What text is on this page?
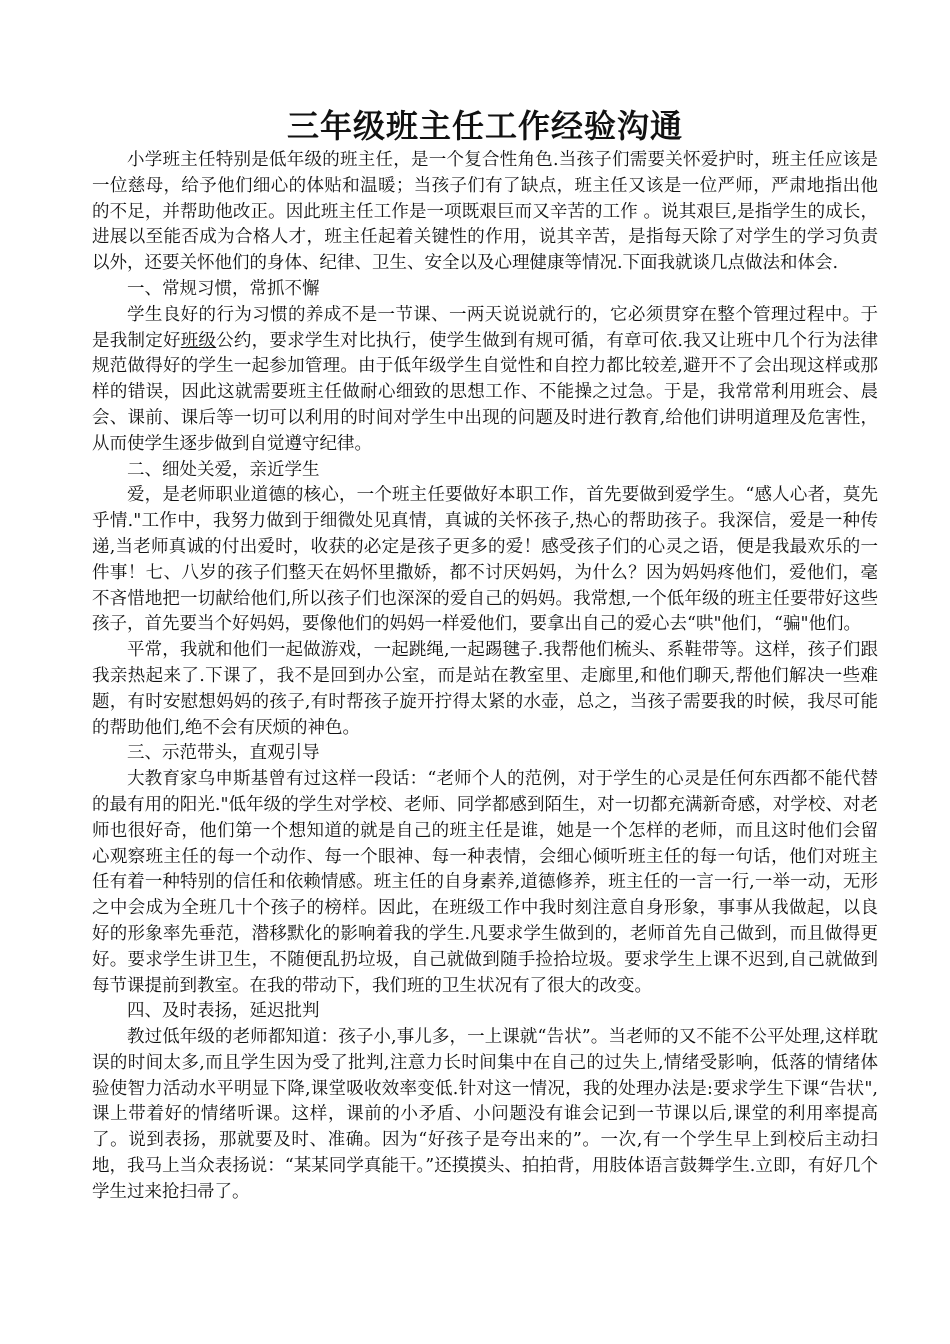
三年级班主任工作经验沟通

小学班主任特别是低年级的班主任，是一个复合性角色.当孩子们需要关怀爱护时，班主任应该是一位慈母，给予他们细心的体贴和温暖；当孩子们有了缺点，班主任又该是一位严师，严肃地指出他的不足，并帮助他改正。因此班主任工作是一项既艰巨而又辛苦的工作 。说其艰巨,是指学生的成长，进展以至能否成为合格人才，班主任起着关键性的作用，说其辛苦，是指每天除了对学生的学习负责以外，还要关怀他们的身体、纪律、卫生、安全以及心理健康等情况.下面我就谈几点做法和体会.

一、常规习惯，常抓不懈

学生良好的行为习惯的养成不是一节课、一两天说说就行的，它必须贯穿在整个管理过程中。于是我制定好班级公约，要求学生对比执行，使学生做到有规可循，有章可依.我又让班中几个行为法律规范做得好的学生一起参加管理。由于低年级学生自觉性和自控力都比较差,避开不了会出现这样或那样的错误，因此这就需要班主任做耐心细致的思想工作、不能操之过急。于是，我常常利用班会、晨会、课前、课后等一切可以利用的时间对学生中出现的问题及时进行教育,给他们讲明道理及危害性，从而使学生逐步做到自觉遵守纪律。

二、细处关爱，亲近学生

爱，是老师职业道德的核心，一个班主任要做好本职工作，首先要做到爱学生。“感人心者，莫先乎情."工作中，我努力做到于细微处见真情，真诚的关怀孩子,热心的帮助孩子。我深信，爱是一种传递,当老师真诚的付出爱时，收获的必定是孩子更多的爱！感受孩子们的心灵之语，便是我最欢乐的一件事！七、八岁的孩子们整天在妈怀里撒娇，都不讨厌妈妈，为什么？因为妈妈疼他们，爱他们，毫不吝惜地把一切献给他们,所以孩子们也深深的爱自己的妈妈。我常想,一个低年级的班主任要带好这些孩子，首先要当个好妈妈，要像他们的妈妈一样爱他们，要拿出自己的爱心去“哄"他们，“骗"他们。

平常，我就和他们一起做游戏，一起跳绳,一起踢毽子.我帮他们梳头、系鞋带等。这样，孩子们跟我亲热起来了.下课了，我不是回到办公室，而是站在教室里、走廊里,和他们聊天,帮他们解决一些难题，有时安慰想妈妈的孩子,有时帮孩子旋开拧得太紧的水壶，总之，当孩子需要我的时候，我尽可能的帮助他们,绝不会有厌烦的神色。

三、示范带头，直观引导

大教育家乌申斯基曾有过这样一段话：“老师个人的范例，对于学生的心灵是任何东西都不能代替的最有用的阳光."低年级的学生对学校、老师、同学都感到陌生，对一切都充满新奇感，对学校、对老师也很好奇，他们第一个想知道的就是自己的班主任是谁，她是一个怎样的老师，而且这时他们会留心观察班主任的每一个动作、每一个眼神、每一种表情，会细心倾听班主任的每一句话，他们对班主任有着一种特别的信任和依赖情感。班主任的自身素养,道德修养，班主任的一言一行,一举一动，无形之中会成为全班几十个孩子的榜样。因此，在班级工作中我时刻注意自身形象，事事从我做起，以良好的形象率先垂范，潜移默化的影响着我的学生.凡要求学生做到的，老师首先自己做到，而且做得更好。要求学生讲卫生，不随便乱扔垃圾，自己就做到随手捡拾垃圾。要求学生上课不迟到,自己就做到每节课提前到教室。在我的带动下，我们班的卫生状况有了很大的改变。

四、及时表扬，延迟批判

教过低年级的老师都知道：孩子小,事儿多，一上课就“告状”。当老师的又不能不公平处理,这样耽误的时间太多,而且学生因为受了批判,注意力长时间集中在自己的过失上,情绪受影响，低落的情绪体验使智力活动水平明显下降,课堂吸收效率变低.针对这一情况，我的处理办法是:要求学生下课“告状",课上带着好的情绪听课。这样，课前的小矛盾、小问题没有谁会记到一节课以后,课堂的利用率提高了。说到表扬，那就要及时、准确。因为“好孩子是夸出来的”。一次,有一个学生早上到校后主动扫地，我马上当众表扬说：“某某同学真能干。”还摸摸头、拍拍背，用肢体语言鼓舞学生.立即，有好几个学生过来抢扫帚了。
